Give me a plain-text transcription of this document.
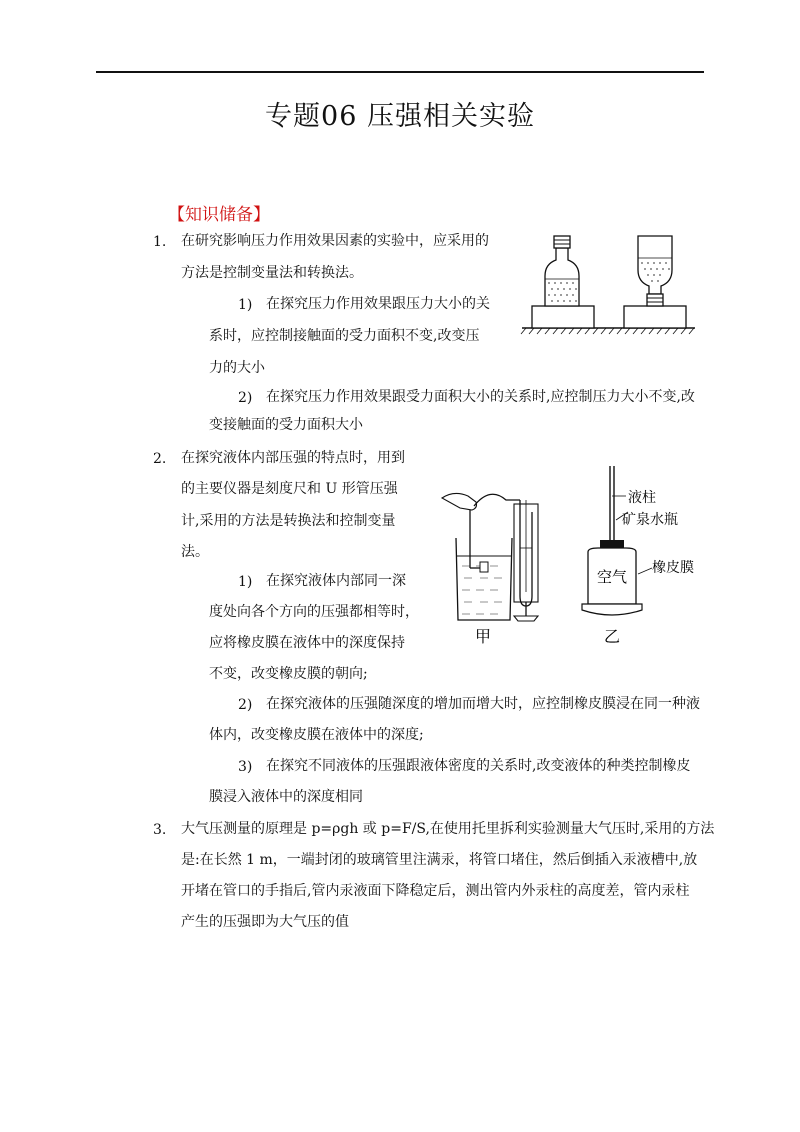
专题06 压强相关实验
【知识储备】
1. 在研究影响压力作用效果因素的实验中，应采用的
方法是控制变量法和转换法。
1) 在探究压力作用效果跟压力大小的关
系时，应控制接触面的受力面积不变,改变压
力的大小
2) 在探究压力作用效果跟受力面积大小的关系时,应控制压力大小不变,改
变接触面的受力面积大小
2. 在探究液体内部压强的特点时，用到
的主要仪器是刻度尺和 U 形管压强
计,采用的方法是转换法和控制变量
法。
1) 在探究液体内部同一深
度处向各个方向的压强都相等时，
应将橡皮膜在液体中的深度保持
不变，改变橡皮膜的朝向;
2) 在探究液体的压强随深度的增加而增大时，应控制橡皮膜浸在同一种液
体内，改变橡皮膜在液体中的深度;
3) 在探究不同液体的压强跟液体密度的关系时,改变液体的种类控制橡皮
膜浸入液体中的深度相同
甲
液柱
矿泉水瓶
空气 橡皮膜
乙
3. 大气压测量的原理是 p=ρgh 或 p=F/S,在使用托里拆利实验测量大气压时,采用的方法
是:在长然 1 m，一端封闭的玻璃管里注满汞，将管口堵住，然后倒插入汞液槽中,放
开堵在管口的手指后,管内汞液面下降稳定后，测出管内外汞柱的高度差，管内汞柱
产生的压强即为大气压的值
